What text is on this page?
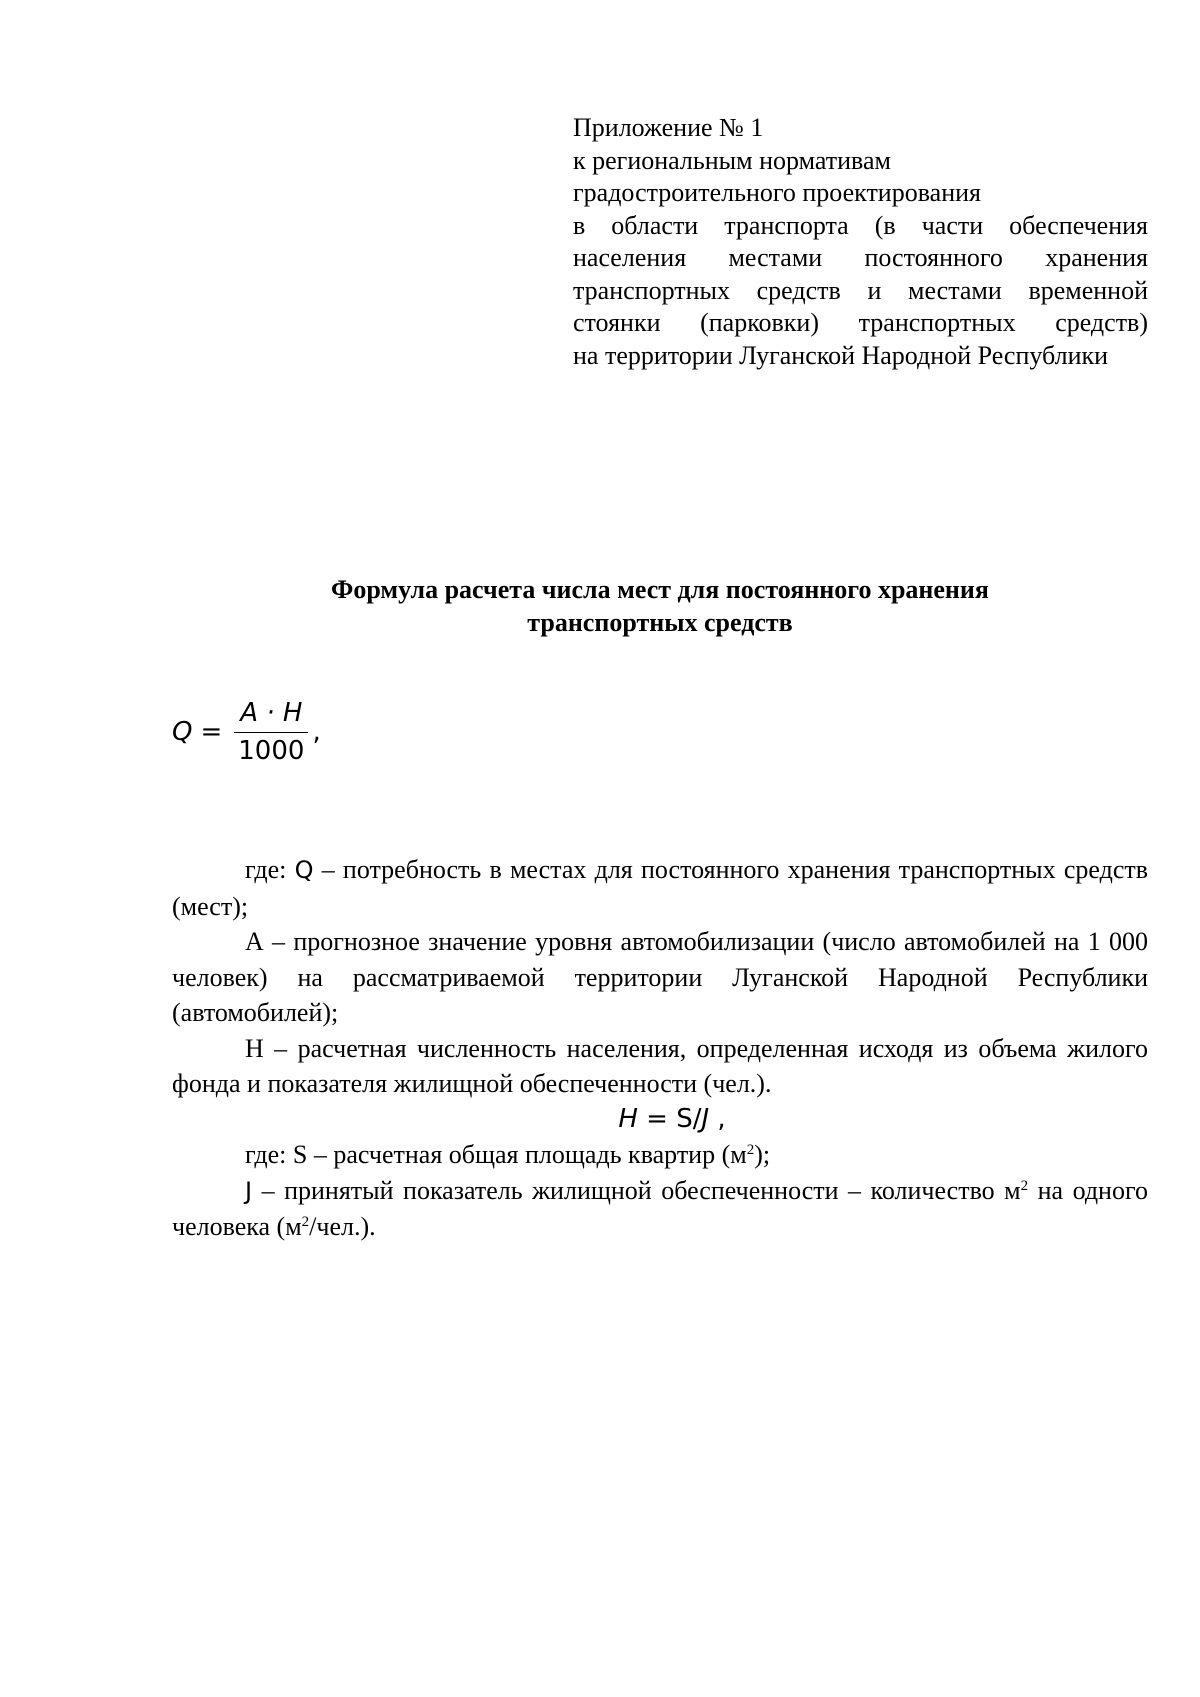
Приложение № 1
к региональным нормативам
градостроительного проектирования
в области транспорта (в части обеспечения
населения местами постоянного хранения
транспортных средств и местами временной
стоянки (парковки) транспортных средств)
на территории Луганской Народной Республики
Формула расчета числа мест для постоянного хранения
транспортных средств
$Q = \frac{A \cdot H}{1000}$ ,

где: Q – потребность в местах для постоянного хранения транспортных средств (мест);

А – прогнозное значение уровня автомобилизации (число автомобилей на 1 000 человек) на рассматриваемой территории Луганской Народной Республики (автомобилей);

Н – расчетная численность населения, определенная исходя из объема жилого фонда и показателя жилищной обеспеченности (чел.).

H = S/J ,

где: S – расчетная общая площадь квартир $(м^2)$;

J – принятый показатель жилищной обеспеченности – количество $м^2$ на одного человека $(м^2/чел.)$.
